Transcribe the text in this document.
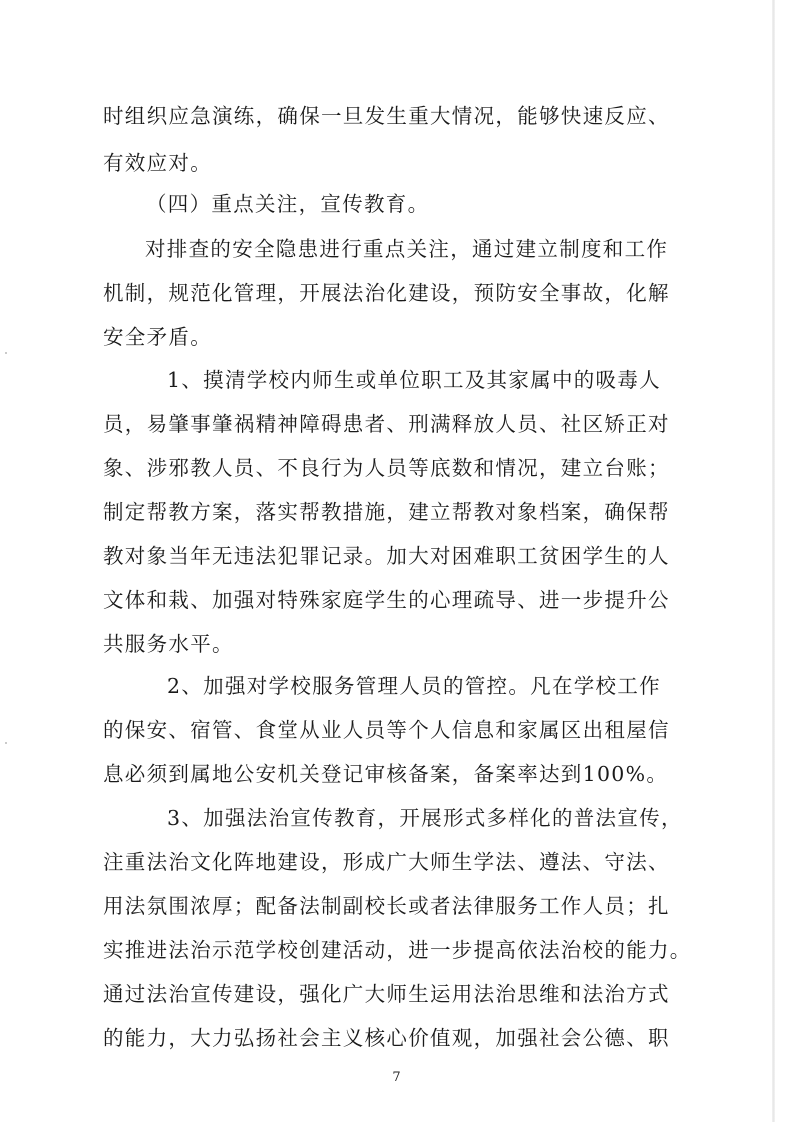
时组织应急演练，确保一旦发生重大情况，能够快速反应、
有效应对。
（四）重点关注，宣传教育。
对排查的安全隐患进行重点关注，通过建立制度和工作
机制，规范化管理，开展法治化建设，预防安全事故，化解
安全矛盾。
1、摸清学校内师生或单位职工及其家属中的吸毒人
员，易肇事肇祸精神障碍患者、刑满释放人员、社区矫正对
象、涉邪教人员、不良行为人员等底数和情况，建立台账；
制定帮教方案，落实帮教措施，建立帮教对象档案，确保帮
教对象当年无违法犯罪记录。加大对困难职工贫困学生的人
文体和栽、加强对特殊家庭学生的心理疏导、进一步提升公
共服务水平。
2、加强对学校服务管理人员的管控。凡在学校工作
的保安、宿管、食堂从业人员等个人信息和家属区出租屋信
息必须到属地公安机关登记审核备案，备案率达到100%。
3、加强法治宣传教育，开展形式多样化的普法宣传，
注重法治文化阵地建设，形成广大师生学法、遵法、守法、
用法氛围浓厚；配备法制副校长或者法律服务工作人员；扎
实推进法治示范学校创建活动，进一步提高依法治校的能力。
通过法治宣传建设，强化广大师生运用法治思维和法治方式
的能力，大力弘扬社会主义核心价值观，加强社会公德、职
7
